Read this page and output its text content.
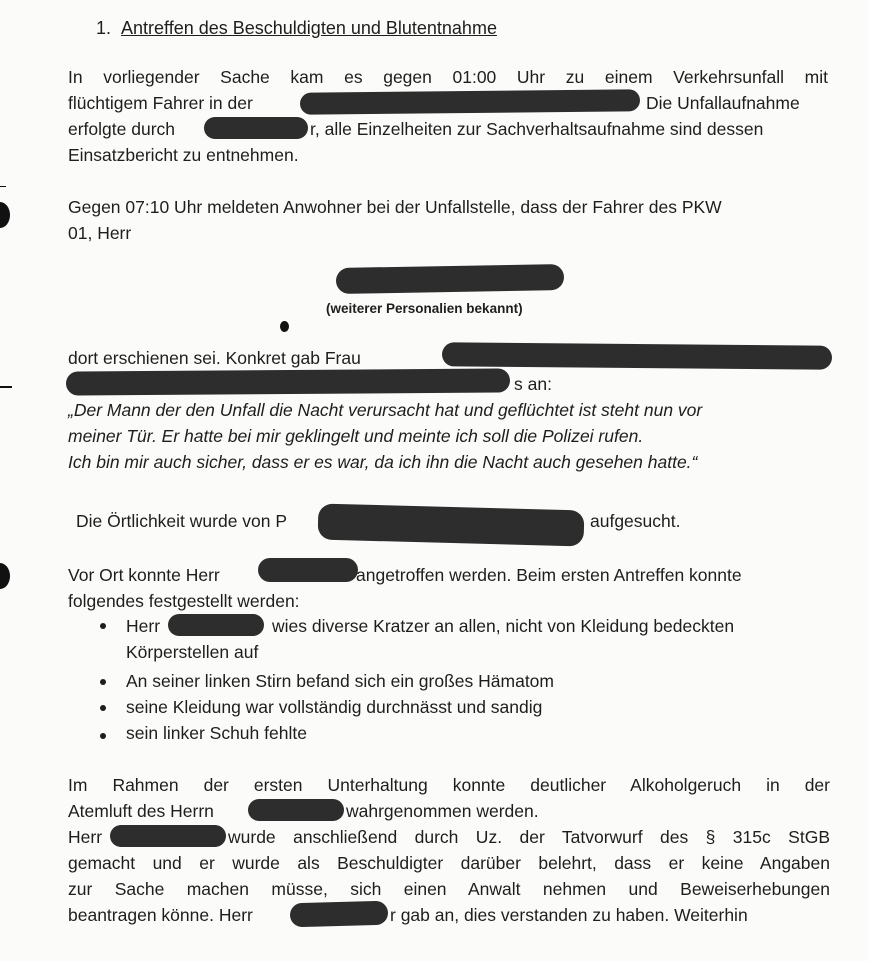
1. Antreffen des Beschuldigten und Blutentnahme
In vorliegender Sache kam es gegen 01:00 Uhr zu einem Verkehrsunfall mit
flüchtigem Fahrer in der	Die Unfallaufnahme
erfolgte durch	r, alle Einzelheiten zur Sachverhaltsaufnahme sind dessen
Einsatzbericht zu entnehmen.
Gegen 07:10 Uhr meldeten Anwohner bei der Unfallstelle, dass der Fahrer des PKW
01, Herr
(weiterer Personalien bekannt)
dort erschienen sei. Konkret gab Frau
s an:
„Der Mann der den Unfall die Nacht verursacht hat und geflüchtet ist steht nun vor
meiner Tür. Er hatte bei mir geklingelt und meinte ich soll die Polizei rufen.
Ich bin mir auch sicher, dass er es war, da ich ihn die Nacht auch gesehen hatte.“
Die Örtlichkeit wurde von P	aufgesucht.
Vor Ort konnte Herr	angetroffen werden. Beim ersten Antreffen konnte
folgendes festgestellt werden:
Herr	wies diverse Kratzer an allen, nicht von Kleidung bedeckten
Körperstellen auf
An seiner linken Stirn befand sich ein großes Hämatom
seine Kleidung war vollständig durchnässt und sandig
sein linker Schuh fehlte
Im Rahmen der ersten Unterhaltung konnte deutlicher Alkoholgeruch in der
Atemluft des Herrn	wahrgenommen werden.
Herr	wurde anschließend durch Uz. der Tatvorwurf des § 315c StGB
gemacht und er wurde als Beschuldigter darüber belehrt, dass er keine Angaben
zur Sache machen müsse, sich einen Anwalt nehmen und Beweiserhebungen
beantragen könne. Herr	r gab an, dies verstanden zu haben. Weiterhin
